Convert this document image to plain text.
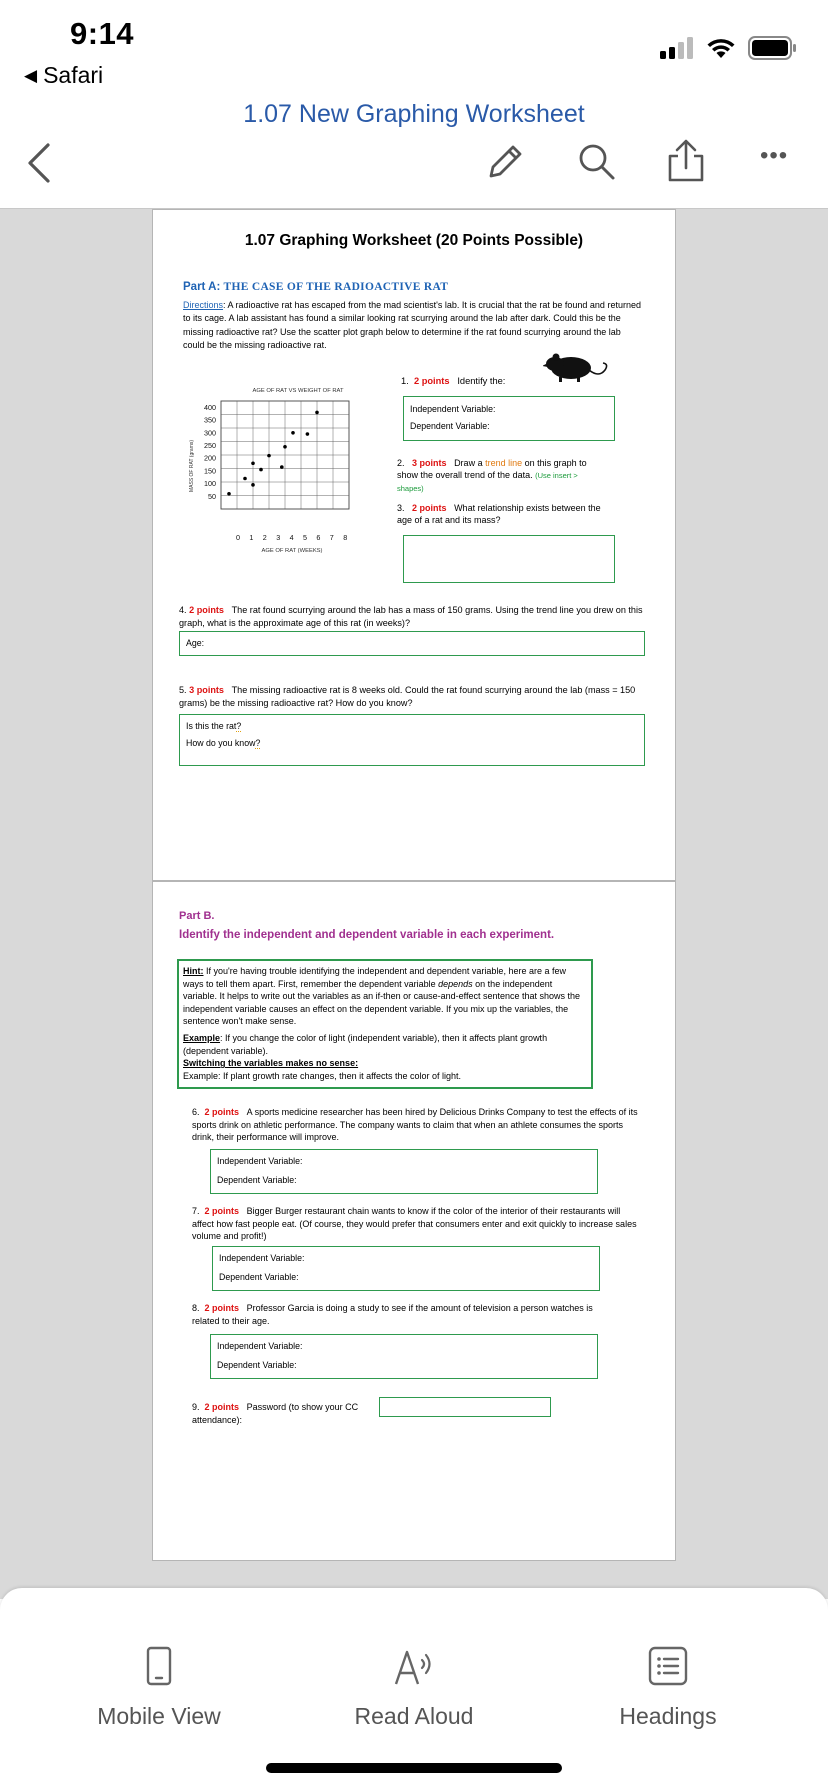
9:14
◀ Safari
1.07 New Graphing Worksheet
•••
1.07 Graphing Worksheet (20 Points Possible)
Part A: THE CASE OF THE RADIOACTIVE RAT
Directions: A radioactive rat has escaped from the mad scientist's lab. It is crucial that the rat be found and returned to its cage. A lab assistant has found a similar looking rat scurrying around the lab after dark. Could this be the missing radioactive rat? Use the scatter plot graph below to determine if the rat found scurrying around the lab could be the missing radioactive rat.
AGE OF RAT VS WEIGHT OF RAT
MASS OF RAT (grams)
AGE OF RAT (WEEKS)
400
350
300
250
200
150
100
50
0 1 2 3 4 5 6 7 8
1. 2 points Identify the:
Independent Variable:
Dependent Variable:
2. 3 points Draw a trend line on this graph to show the overall trend of the data. (Use insert > shapes)
3. 2 points What relationship exists between the age of a rat and its mass?
4. 2 points The rat found scurrying around the lab has a mass of 150 grams. Using the trend line you drew on this graph, what is the approximate age of this rat (in weeks)?
Age:
5. 3 points The missing radioactive rat is 8 weeks old. Could the rat found scurrying around the lab (mass = 150 grams) be the missing radioactive rat? How do you know?
Is this the rat?
How do you know?
Part B.
Identify the independent and dependent variable in each experiment.
Hint: If you're having trouble identifying the independent and dependent variable, here are a few ways to tell them apart. First, remember the dependent variable depends on the independent variable. It helps to write out the variables as an if-then or cause-and-effect sentence that shows the independent variable causes an effect on the dependent variable. If you mix up the variables, the sentence won't make sense.
Example: If you change the color of light (independent variable), then it affects plant growth (dependent variable).
Switching the variables makes no sense:
Example: If plant growth rate changes, then it affects the color of light.
6. 2 points A sports medicine researcher has been hired by Delicious Drinks Company to test the effects of its sports drink on athletic performance. The company wants to claim that when an athlete consumes the sports drink, their performance will improve.
Independent Variable:
Dependent Variable:
7. 2 points Bigger Burger restaurant chain wants to know if the color of the interior of their restaurants will affect how fast people eat. (Of course, they would prefer that consumers enter and exit quickly to increase sales volume and profit!)
Independent Variable:
Dependent Variable:
8. 2 points Professor Garcia is doing a study to see if the amount of television a person watches is related to their age.
Independent Variable:
Dependent Variable:
9. 2 points Password (to show your CC attendance):
Mobile View	Read Aloud	Headings
